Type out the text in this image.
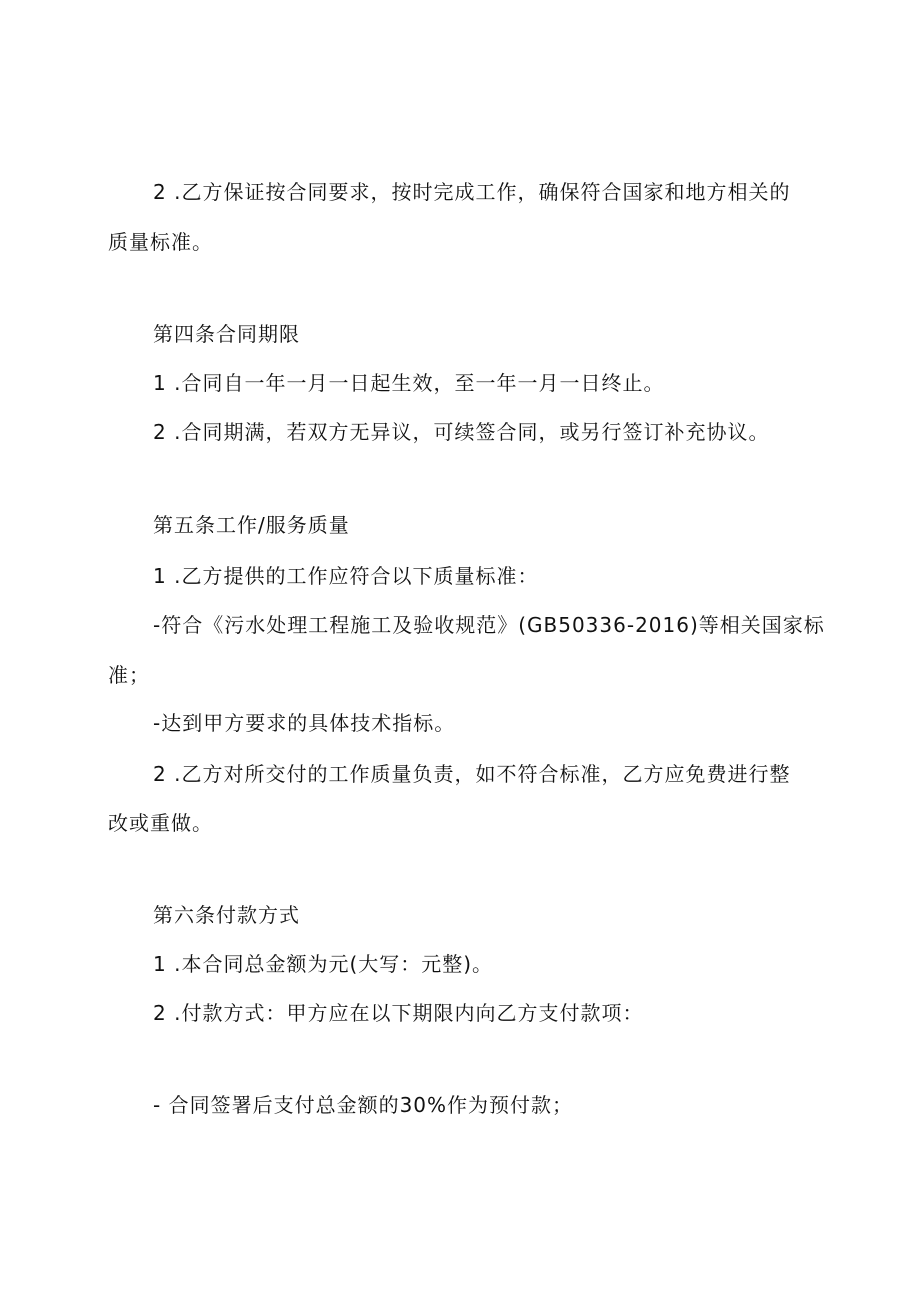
2 .乙方保证按合同要求，按时完成工作，确保符合国家和地方相关的
质量标准。
第四条合同期限
1 .合同自一年一月一日起生效，至一年一月一日终止。
2 .合同期满，若双方无异议，可续签合同，或另行签订补充协议。
第五条工作/服务质量
1 .乙方提供的工作应符合以下质量标准：
-符合《污水处理工程施工及验收规范》(GB50336-2016)等相关国家标
准；
-达到甲方要求的具体技术指标。
2 .乙方对所交付的工作质量负责，如不符合标准，乙方应免费进行整
改或重做。
第六条付款方式
1 .本合同总金额为元(大写：元整)。
2 .付款方式：甲方应在以下期限内向乙方支付款项：
- 合同签署后支付总金额的30%作为预付款；
